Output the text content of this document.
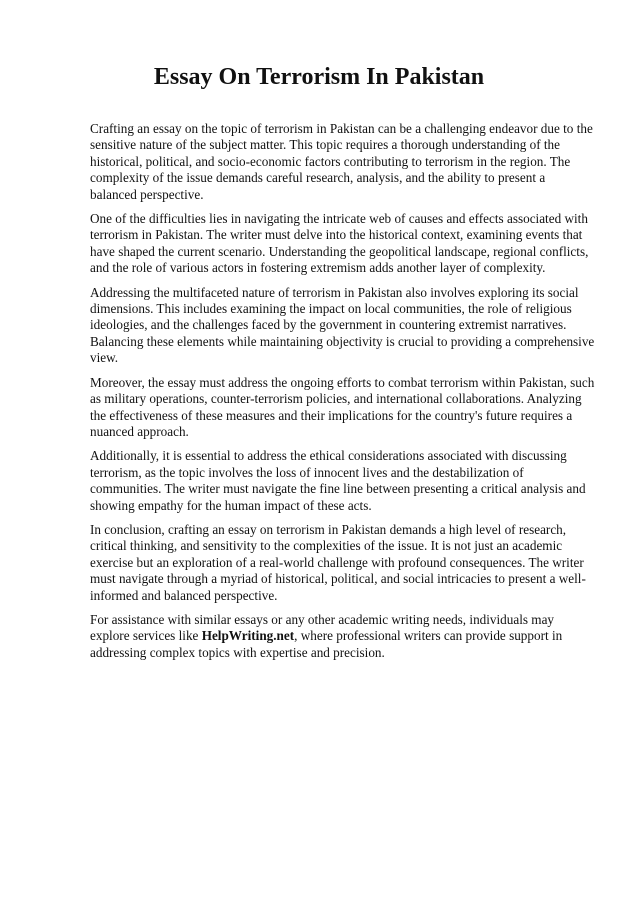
Essay On Terrorism In Pakistan

Crafting an essay on the topic of terrorism in Pakistan can be a challenging endeavor due to the sensitive nature of the subject matter. This topic requires a thorough understanding of the historical, political, and socio-economic factors contributing to terrorism in the region. The complexity of the issue demands careful research, analysis, and the ability to present a balanced perspective.

One of the difficulties lies in navigating the intricate web of causes and effects associated with terrorism in Pakistan. The writer must delve into the historical context, examining events that have shaped the current scenario. Understanding the geopolitical landscape, regional conflicts, and the role of various actors in fostering extremism adds another layer of complexity.

Addressing the multifaceted nature of terrorism in Pakistan also involves exploring its social dimensions. This includes examining the impact on local communities, the role of religious ideologies, and the challenges faced by the government in countering extremist narratives. Balancing these elements while maintaining objectivity is crucial to providing a comprehensive view.

Moreover, the essay must address the ongoing efforts to combat terrorism within Pakistan, such as military operations, counter-terrorism policies, and international collaborations. Analyzing the effectiveness of these measures and their implications for the country's future requires a nuanced approach.

Additionally, it is essential to address the ethical considerations associated with discussing terrorism, as the topic involves the loss of innocent lives and the destabilization of communities. The writer must navigate the fine line between presenting a critical analysis and showing empathy for the human impact of these acts.

In conclusion, crafting an essay on terrorism in Pakistan demands a high level of research, critical thinking, and sensitivity to the complexities of the issue. It is not just an academic exercise but an exploration of a real-world challenge with profound consequences. The writer must navigate through a myriad of historical, political, and social intricacies to present a well-informed and balanced perspective.

For assistance with similar essays or any other academic writing needs, individuals may explore services like HelpWriting.net, where professional writers can provide support in addressing complex topics with expertise and precision.
